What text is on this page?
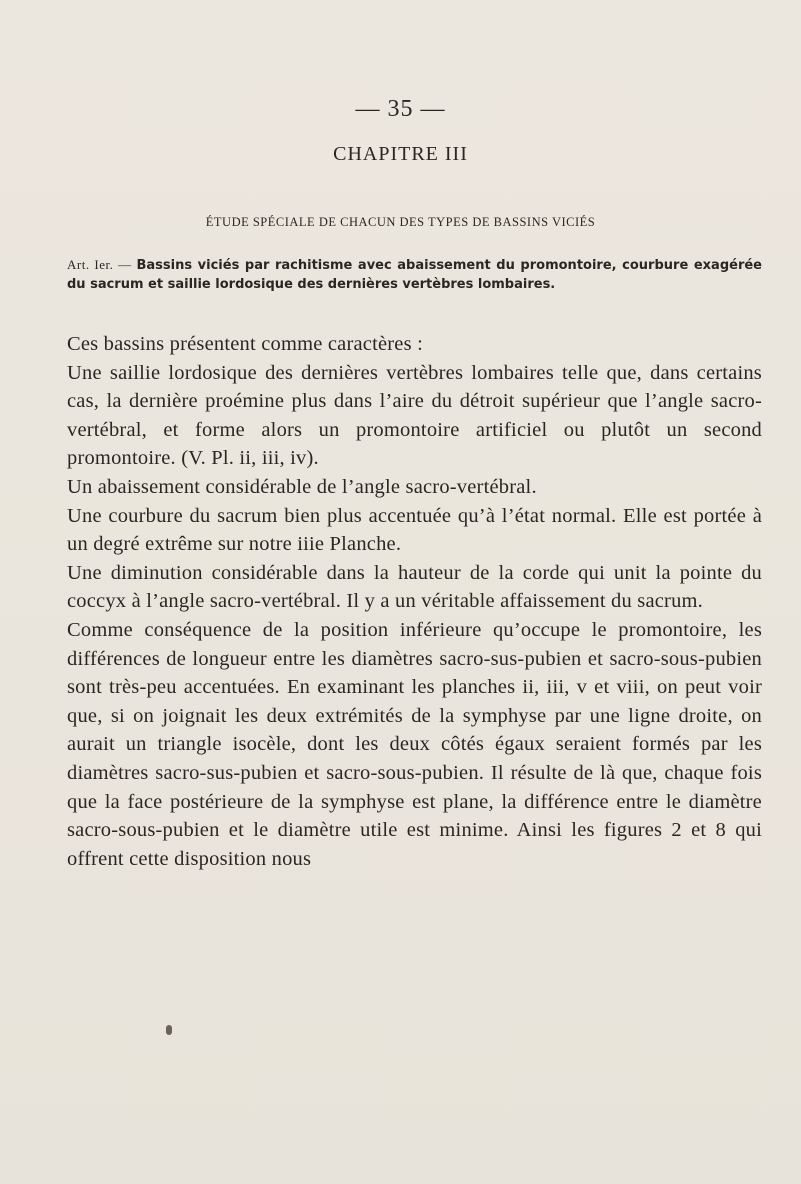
— 35 —
CHAPITRE III
ÉTUDE SPÉCIALE DE CHACUN DES TYPES DE BASSINS VICIÉS
Art. Ier. — Bassins viciés par rachitisme avec abaissement du promontoire, courbure exagérée du sacrum et saillie lordosique des dernières vertèbres lombaires.

Ces bassins présentent comme caractères :

Une saillie lordosique des dernières vertèbres lombaires telle que, dans certains cas, la dernière proémine plus dans l’aire du détroit supérieur que l’angle sacro-vertébral, et forme alors un promontoire artificiel ou plutôt un second promontoire. (V. Pl. ii, iii, iv).

Un abaissement considérable de l’angle sacro-vertébral.

Une courbure du sacrum bien plus accentuée qu’à l’état normal. Elle est portée à un degré extrême sur notre iiie Planche.

Une diminution considérable dans la hauteur de la corde qui unit la pointe du coccyx à l’angle sacro-vertébral. Il y a un véritable affaissement du sacrum.

Comme conséquence de la position inférieure qu’occupe le promontoire, les différences de longueur entre les diamètres sacro-sus-pubien et sacro-sous-pubien sont très-peu accentuées. En examinant les planches ii, iii, v et viii, on peut voir que, si on joignait les deux extrémités de la symphyse par une ligne droite, on aurait un triangle isocèle, dont les deux côtés égaux seraient formés par les diamètres sacro-sus-pubien et sacro-sous-pubien. Il résulte de là que, chaque fois que la face postérieure de la symphyse est plane, la différence entre le diamètre sacro-sous-pubien et le diamètre utile est minime. Ainsi les figures 2 et 8 qui offrent cette disposition nous
